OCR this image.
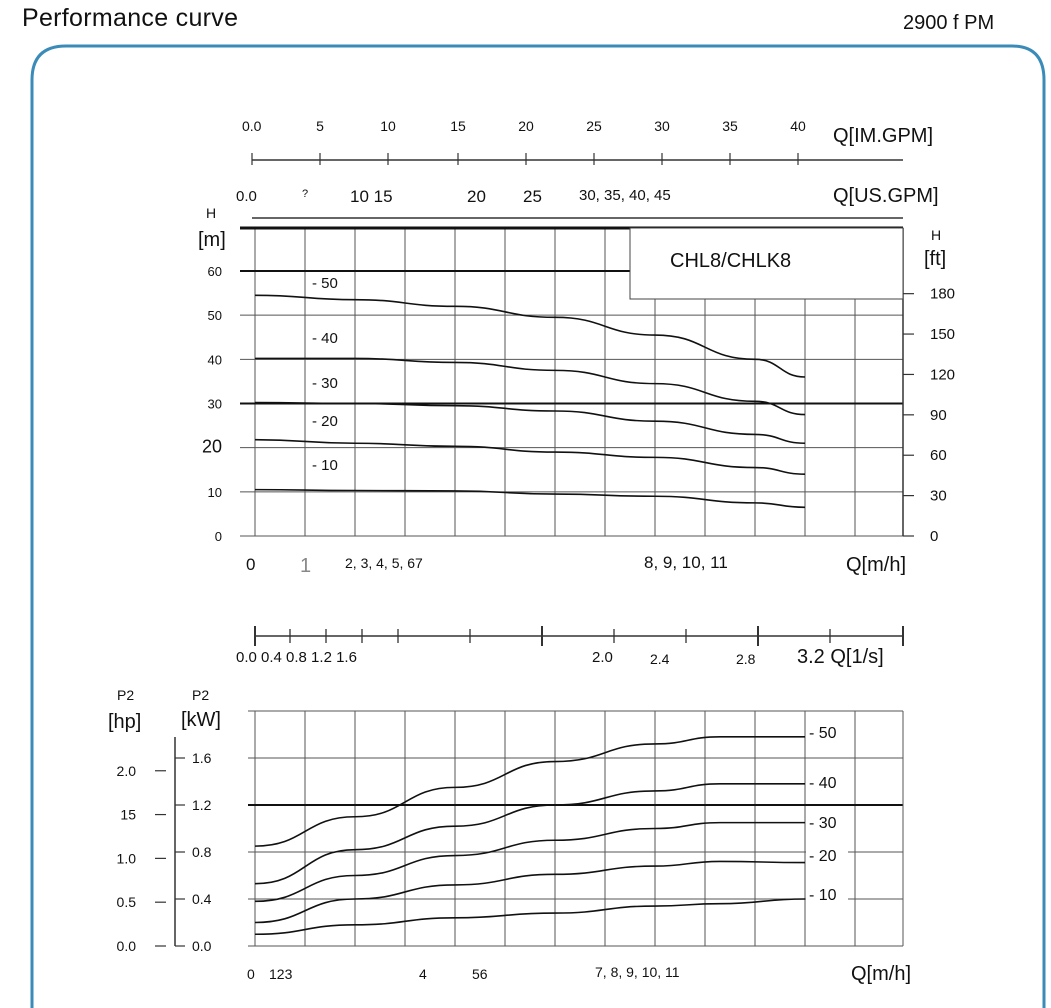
Performance curve	2900 f PM
0.0	5	10	15	20	25	30	35	40 Q[IM.GPM]
0.0	? 10 15	20 25 30, 35, 40, 45	Q[US.GPM]
CHL8/CHLK8
- 50
- 40
- 30
- 20
- 10
H
[m]
0
10
20
30
40
50
60
H
[ft]
0
30
60
90
120
150
180
0 1 2, 3, 4, 5, 67	8, 9, 10, 11	Q[m/h]
0.0 0.4 0.8 1.2 1.6	2.0	2.4	2.8 3.2 Q[1/s]
- 50
- 40
- 30
- 20
- 10
P2
[hp]
0.0
0.5
1.0
15
2.0
P2
[kW]
0.0
0.4
0.8
1.2
1.6
0 123	4	56	7, 8, 9, 10, 11	Q[m/h]
